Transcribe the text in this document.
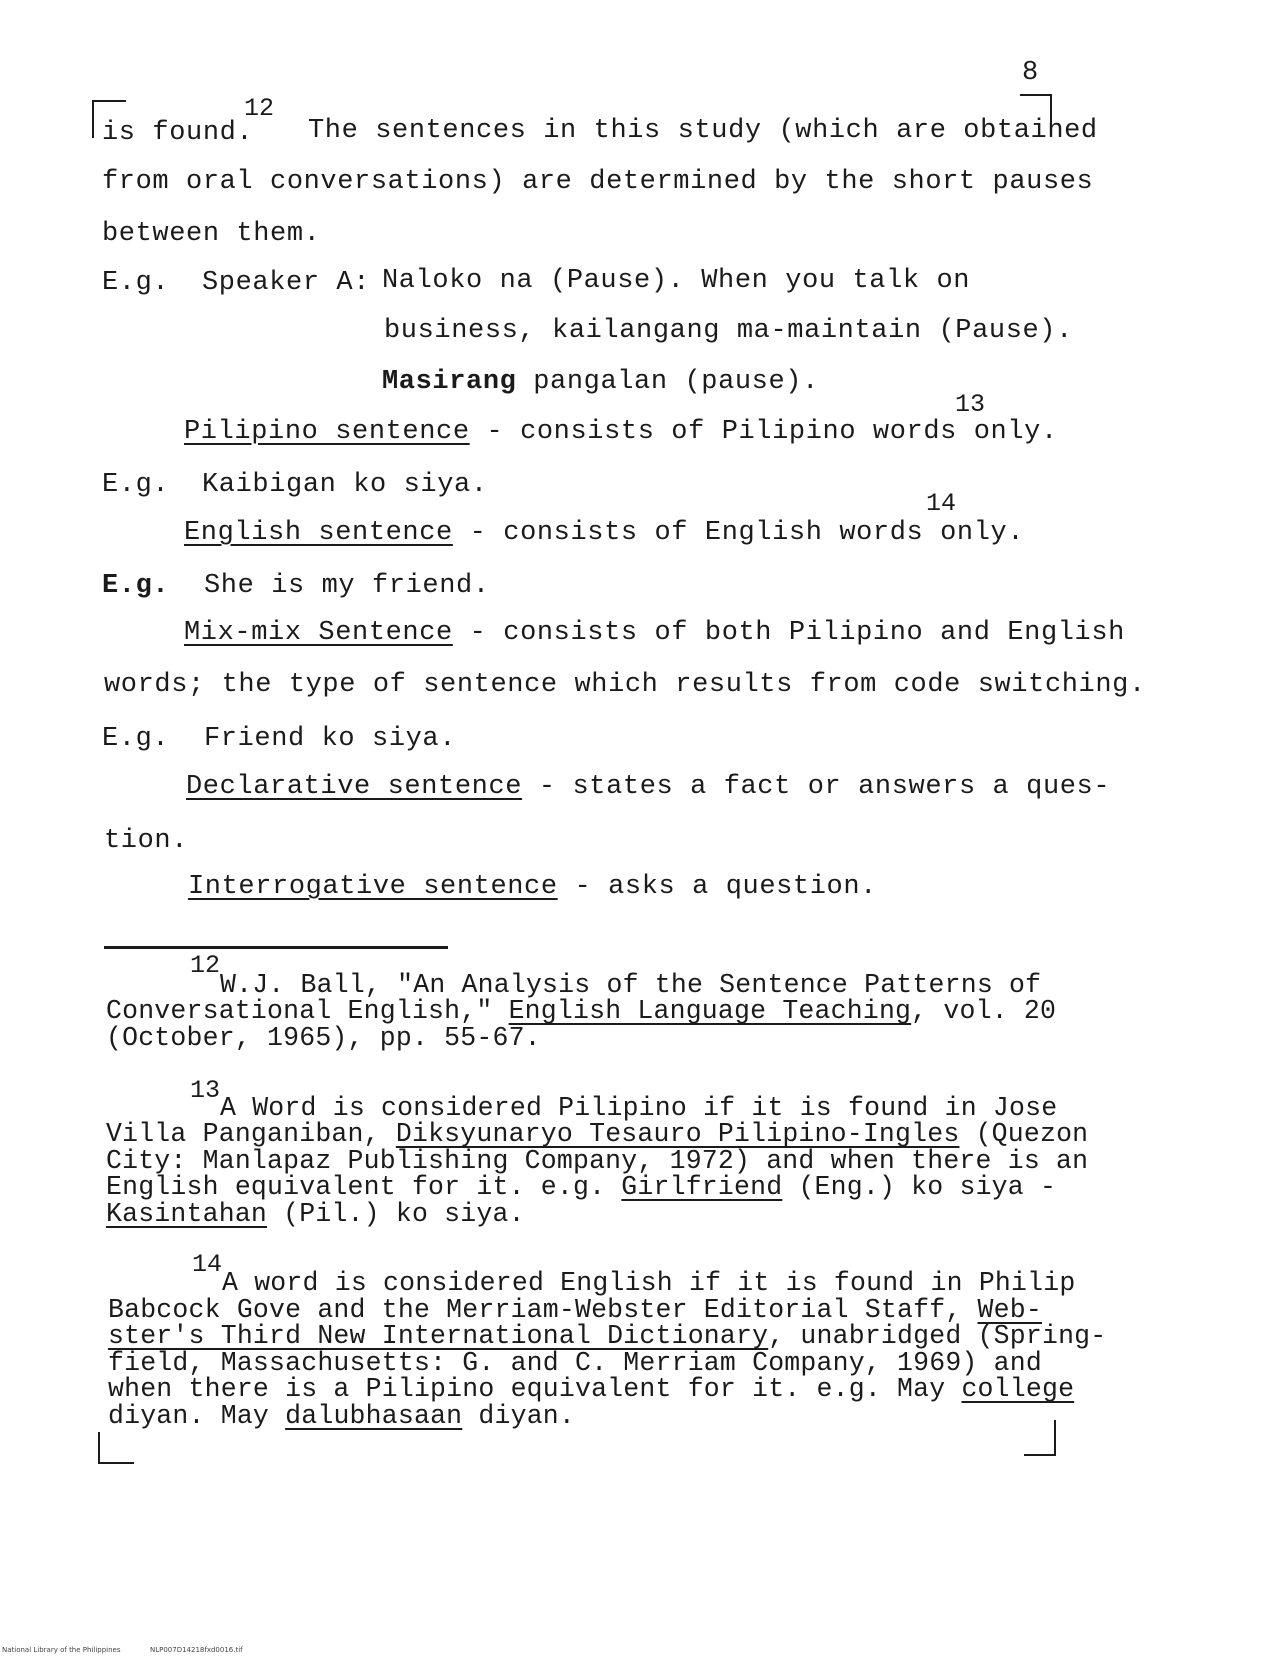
8
is found.
12
The sentences in this study (which are obtained
from oral conversations) are determined by the short pauses
between them.
E.g. Speaker A: Naloko na (Pause). When you talk on
business, kailangang ma-maintain (Pause).
Masirang pangalan (pause).
13
Pilipino sentence - consists of Pilipino words only.
E.g. Kaibigan ko siya.
14
English sentence - consists of English words only.
E.g. She is my friend.
Mix-mix Sentence - consists of both Pilipino and English
words; the type of sentence which results from code switching.
E.g. Friend ko siya.
Declarative sentence - states a fact or answers a ques-
tion.
Interrogative sentence - asks a question.
12
W.J. Ball, "An Analysis of the Sentence Patterns of
Conversational English," English Language Teaching, vol. 20
(October, 1965), pp. 55-67.
13
A Word is considered Pilipino if it is found in Jose
Villa Panganiban, Diksyunaryo Tesauro Pilipino-Ingles (Quezon
City: Manlapaz Publishing Company, 1972) and when there is an
English equivalent for it. e.g. Girlfriend (Eng.) ko siya -
Kasintahan (Pil.) ko siya.
14
A word is considered English if it is found in Philip
Babcock Gove and the Merriam-Webster Editorial Staff, Web-
ster's Third New International Dictionary, unabridged (Spring-
field, Massachusetts: G. and C. Merriam Company, 1969) and
when there is a Pilipino equivalent for it. e.g. May college
diyan. May dalubhasaan diyan.
National Library of the Philippines	NLP007D14218fxd0016.tif
